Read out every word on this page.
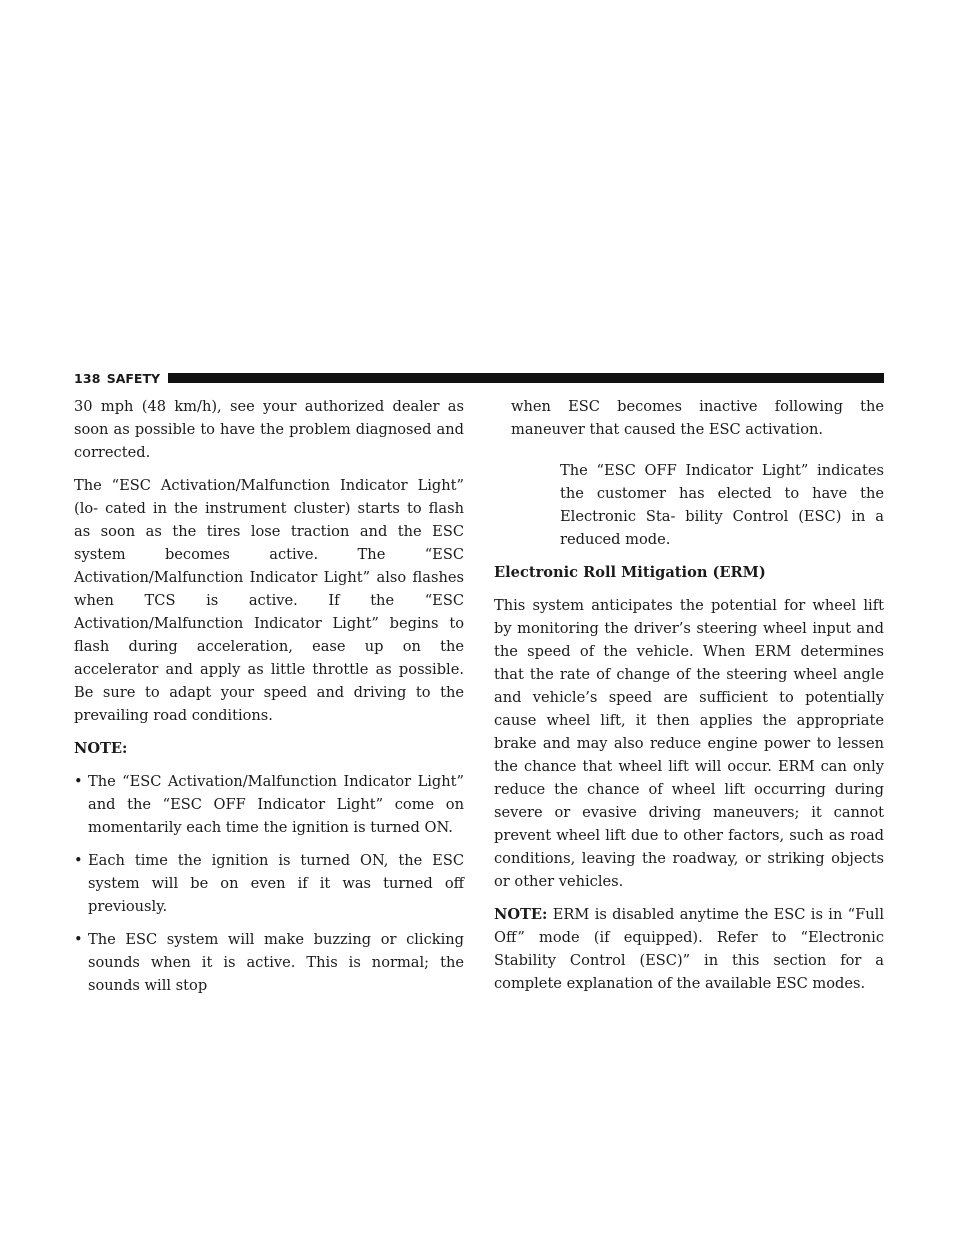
138 SAFETY

30 mph (48 km/h), see your authorized dealer as soon as possible to have the problem diagnosed and corrected.

The “ESC Activation/Malfunction Indicator Light” (lo- cated in the instrument cluster) starts to flash as soon as the tires lose traction and the ESC system becomes active. The “ESC Activation/Malfunction Indicator Light” also flashes when TCS is active. If the “ESC Activation/Malfunction Indicator Light” begins to flash during acceleration, ease up on the accelerator and apply as little throttle as possible. Be sure to adapt your speed and driving to the prevailing road conditions.

NOTE:

• The “ESC Activation/Malfunction Indicator Light” and the “ESC OFF Indicator Light” come on momentarily each time the ignition is turned ON.
• Each time the ignition is turned ON, the ESC system will be on even if it was turned off previously.
• The ESC system will make buzzing or clicking sounds when it is active. This is normal; the sounds will stop

when ESC becomes inactive following the maneuver that caused the ESC activation.

The “ESC OFF Indicator Light” indicates the customer has elected to have the Electronic Sta- bility Control (ESC) in a reduced mode.

Electronic Roll Mitigation (ERM)

This system anticipates the potential for wheel lift by monitoring the driver’s steering wheel input and the speed of the vehicle. When ERM determines that the rate of change of the steering wheel angle and vehicle’s speed are sufficient to potentially cause wheel lift, it then applies the appropriate brake and may also reduce engine power to lessen the chance that wheel lift will occur. ERM can only reduce the chance of wheel lift occurring during severe or evasive driving maneuvers; it cannot prevent wheel lift due to other factors, such as road conditions, leaving the roadway, or striking objects or other vehicles.

NOTE: ERM is disabled anytime the ESC is in “Full Off” mode (if equipped). Refer to “Electronic Stability Control (ESC)” in this section for a complete explanation of the available ESC modes.
